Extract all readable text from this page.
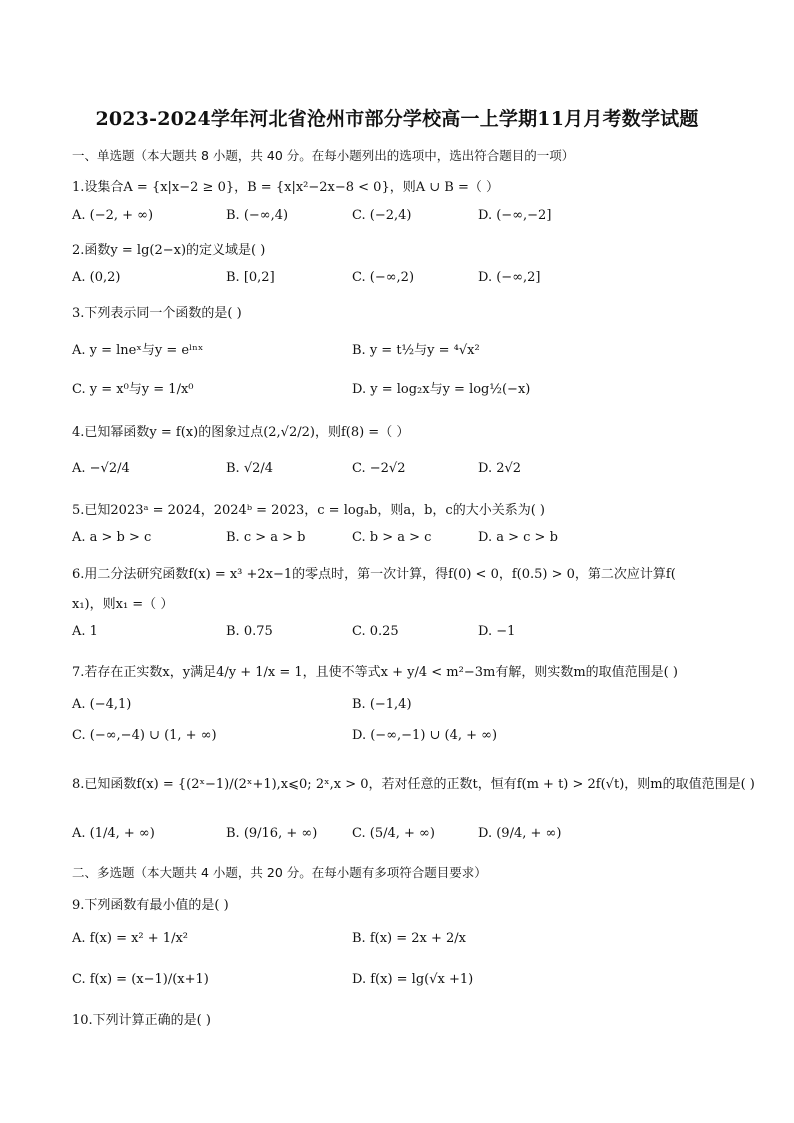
2023-2024学年河北省沧州市部分学校高一上学期11月月考数学试题
一、单选题（本大题共 8 小题，共 40 分。在每小题列出的选项中，选出符合题目的一项）
1.设集合A = {x|x−2 ≥ 0}，B = {x|x²−2x−8 < 0}，则A ∪ B =（ ）
A. (−2, + ∞)	B. (−∞,4)	C. (−2,4)	D. (−∞,−2]
2.函数y = lg(2−x)的定义域是( )
A. (0,2)	B. [0,2]	C. (−∞,2)	D. (−∞,2]
3.下列表示同一个函数的是( )
A. y = lneˣ与y = eˡⁿˣ	B. y = t½与y = ⁴√x²
C. y = x⁰与y = 1/x⁰	D. y = log₂x与y = log½(−x)
4.已知幂函数y = f(x)的图象过点(2,√2/2)，则f(8) =（ ）
A. −√2/4	B. √2/4	C. −2√2	D. 2√2
5.已知2023ᵃ = 2024，2024ᵇ = 2023，c = logₐb，则a，b，c的大小关系为( )
A. a > b > c	B. c > a > b	C. b > a > c	D. a > c > b
6.用二分法研究函数f(x) = x³ +2x−1的零点时，第一次计算，得f(0) < 0，f(0.5) > 0，第二次应计算f(
x₁)，则x₁ =（ ）
A. 1	B. 0.75	C. 0.25	D. −1
7.若存在正实数x，y满足4/y + 1/x = 1，且使不等式x + y/4 < m²−3m有解，则实数m的取值范围是( )
A. (−4,1)	B. (−1,4)
C. (−∞,−4) ∪ (1, + ∞)	D. (−∞,−1) ∪ (4, + ∞)
8.已知函数f(x) = {(2ˣ−1)/(2ˣ+1),x⩽0; 2ˣ,x > 0，若对任意的正数t，恒有f(m + t) > 2f(√t)，则m的取值范围是( )
A. (1/4, + ∞)	B. (9/16, + ∞)	C. (5/4, + ∞)	D. (9/4, + ∞)
二、多选题（本大题共 4 小题，共 20 分。在每小题有多项符合题目要求）
9.下列函数有最小值的是( )
A. f(x) = x² + 1/x²	B. f(x) = 2x + 2/x
C. f(x) = (x−1)/(x+1)	D. f(x) = lg(√x +1)
10.下列计算正确的是( )
